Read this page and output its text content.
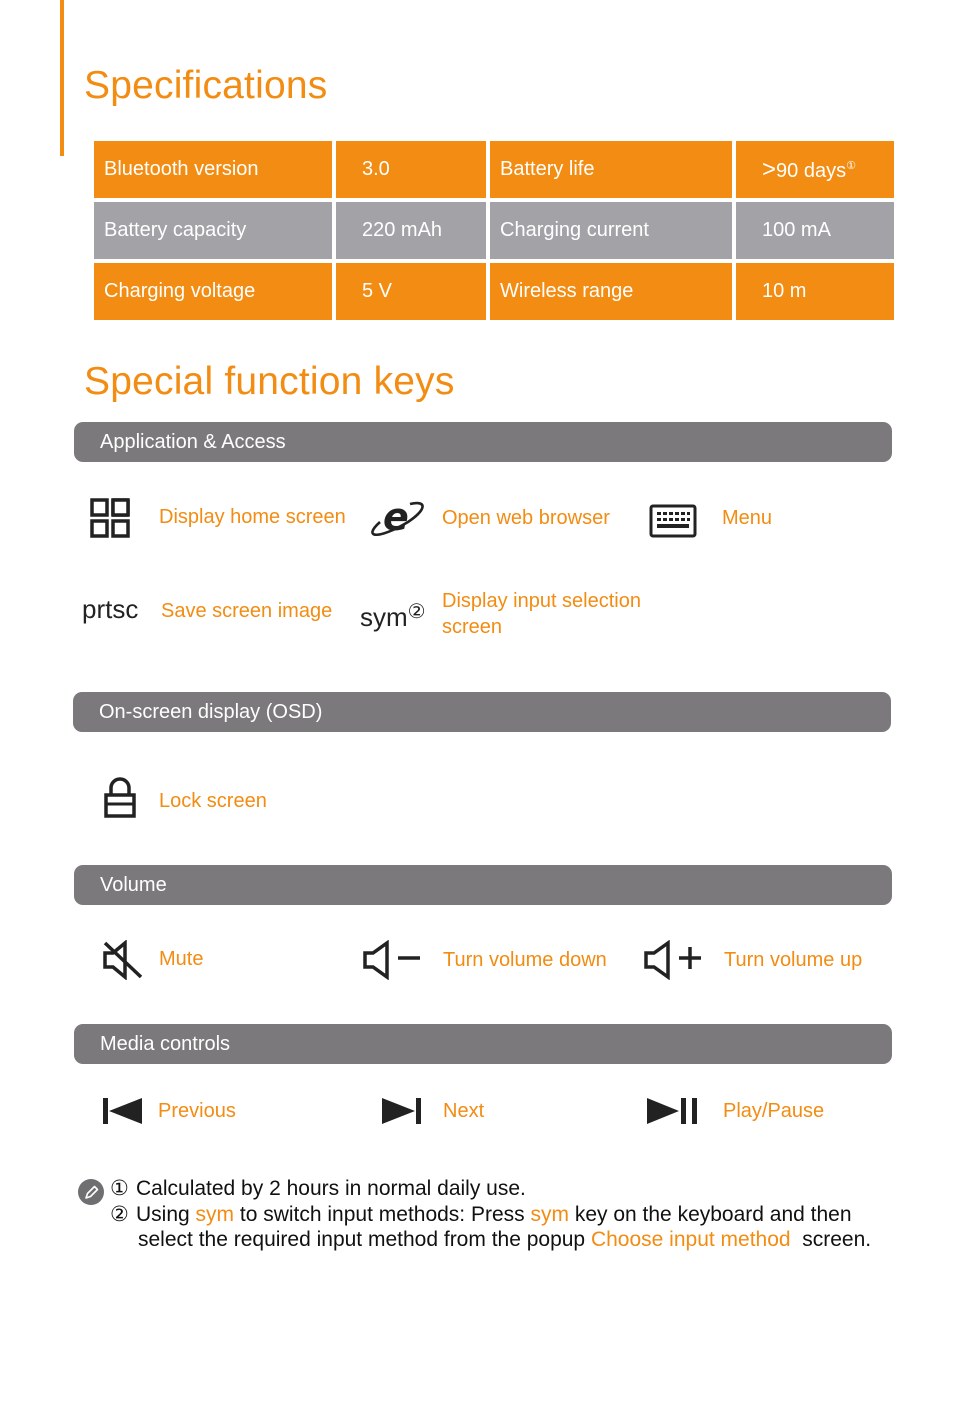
Specifications
Bluetooth version	3.0	Battery life	>90 days①
Battery capacity	220 mAh	Charging current	100 mA
Charging voltage	5 V	Wireless range	10 m
Special function keys
Application & Access
Display home screen e Open web browser	Menu
prtsc Save screen image sym② Display input selection
screen
On-screen display (OSD)
Lock screen
Volume
Mute	Turn volume down	Turn volume up
Media controls
Previous	Next	Play/Pause
① Calculated by 2 hours in normal daily use.
② Using sym to switch input methods: Press sym key on the keyboard and then
select the required input method from the popup Choose input method  screen.
